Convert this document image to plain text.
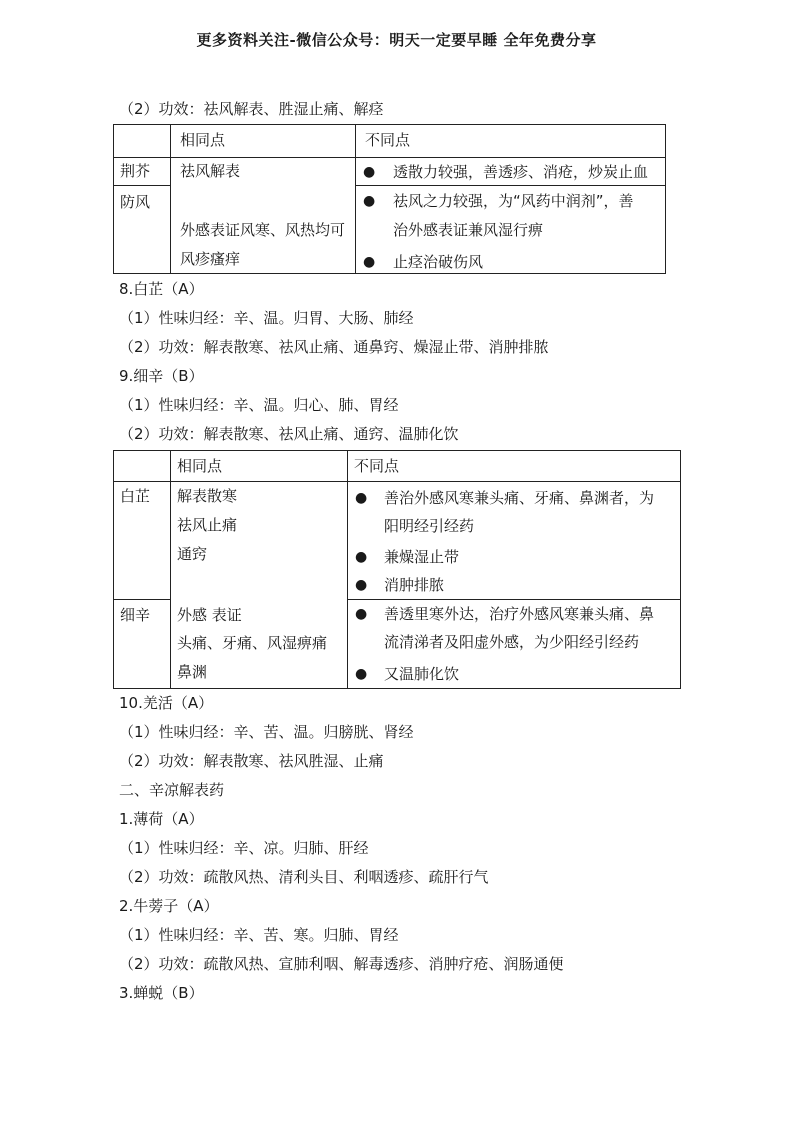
更多资料关注-微信公众号：明天一定要早睡 全年免费分享
（2）功效：祛风解表、胜湿止痛、解痉
相同点	不同点
荆芥
防风
祛风解表
外感表证风寒、风热均可
风疹瘙痒
● 透散力较强，善透疹、消疮，炒炭止血
● 祛风之力较强，为“风药中润剂”，善
治外感表证兼风湿行痹
● 止痉治破伤风
8.白芷（A）
（1）性味归经：辛、温。归胃、大肠、肺经
（2）功效：解表散寒、祛风止痛、通鼻窍、燥湿止带、消肿排脓
9.细辛（B）
（1）性味归经：辛、温。归心、肺、胃经
（2）功效：解表散寒、祛风止痛、通窍、温肺化饮
相同点	不同点
白芷
细辛
解表散寒
祛风止痛
通窍
外感 表证
头痛、牙痛、风湿痹痛
鼻渊
● 善治外感风寒兼头痛、牙痛、鼻渊者，为
阳明经引经药
● 兼燥湿止带
● 消肿排脓
● 善透里寒外达，治疗外感风寒兼头痛、鼻
流清涕者及阳虚外感，为少阳经引经药
● 又温肺化饮
10.羌活（A）
（1）性味归经：辛、苦、温。归膀胱、肾经
（2）功效：解表散寒、祛风胜湿、止痛
二、辛凉解表药
1.薄荷（A）
（1）性味归经：辛、凉。归肺、肝经
（2）功效：疏散风热、清利头目、利咽透疹、疏肝行气
2.牛蒡子（A）
（1）性味归经：辛、苦、寒。归肺、胃经
（2）功效：疏散风热、宣肺利咽、解毒透疹、消肿疗疮、润肠通便
3.蝉蜕（B）
